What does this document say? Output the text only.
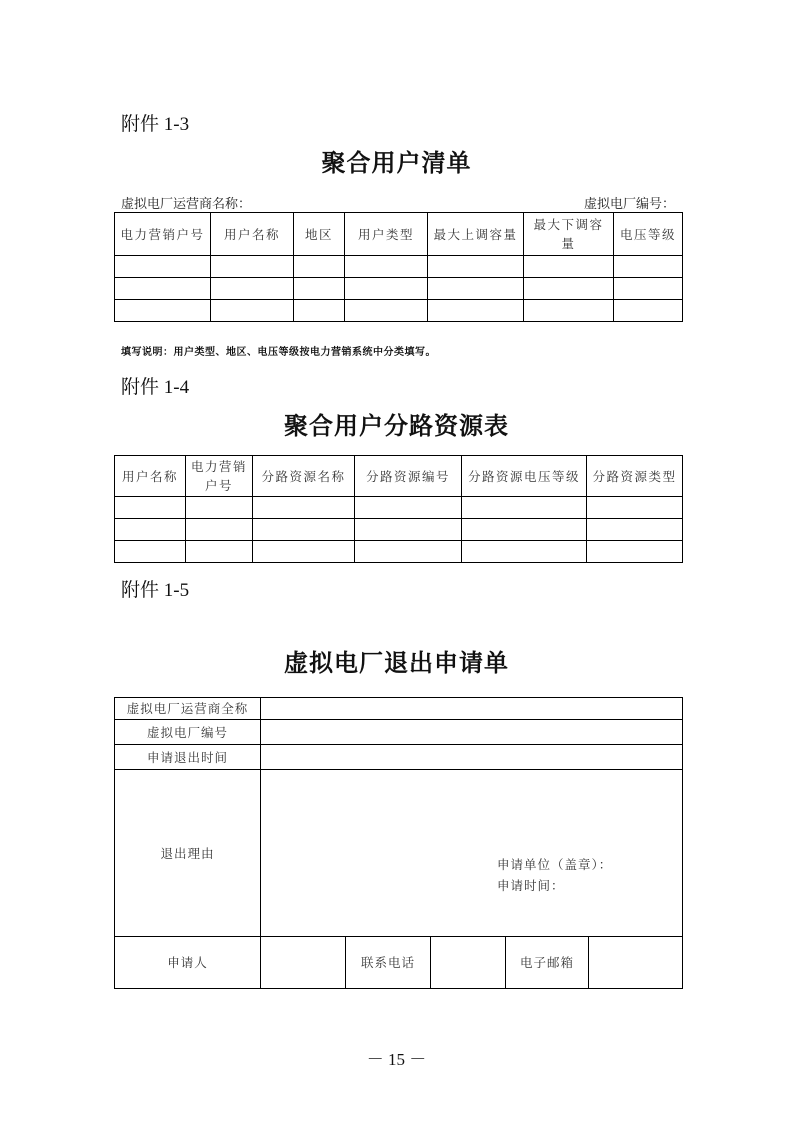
附件 1-3
聚合用户清单
虚拟电厂运营商名称：	虚拟电厂编号：
电力营销户号	用户名称	地区	用户类型	最大上调容量	最大下调容量	电压等级

填写说明：用户类型、地区、电压等级按电力营销系统中分类填写。
附件 1-4
聚合用户分路资源表
用户名称	电力营销户号	分路资源名称	分路资源编号	分路资源电压等级	分路资源类型

附件 1-5
虚拟电厂退出申请单
虚拟电厂运营商全称					
虚拟电厂编号					
申请退出时间					
退出理由	申请单位（盖章）：
申请时间：				

申请人		联系电话		电子邮箱	
－ 15 －
